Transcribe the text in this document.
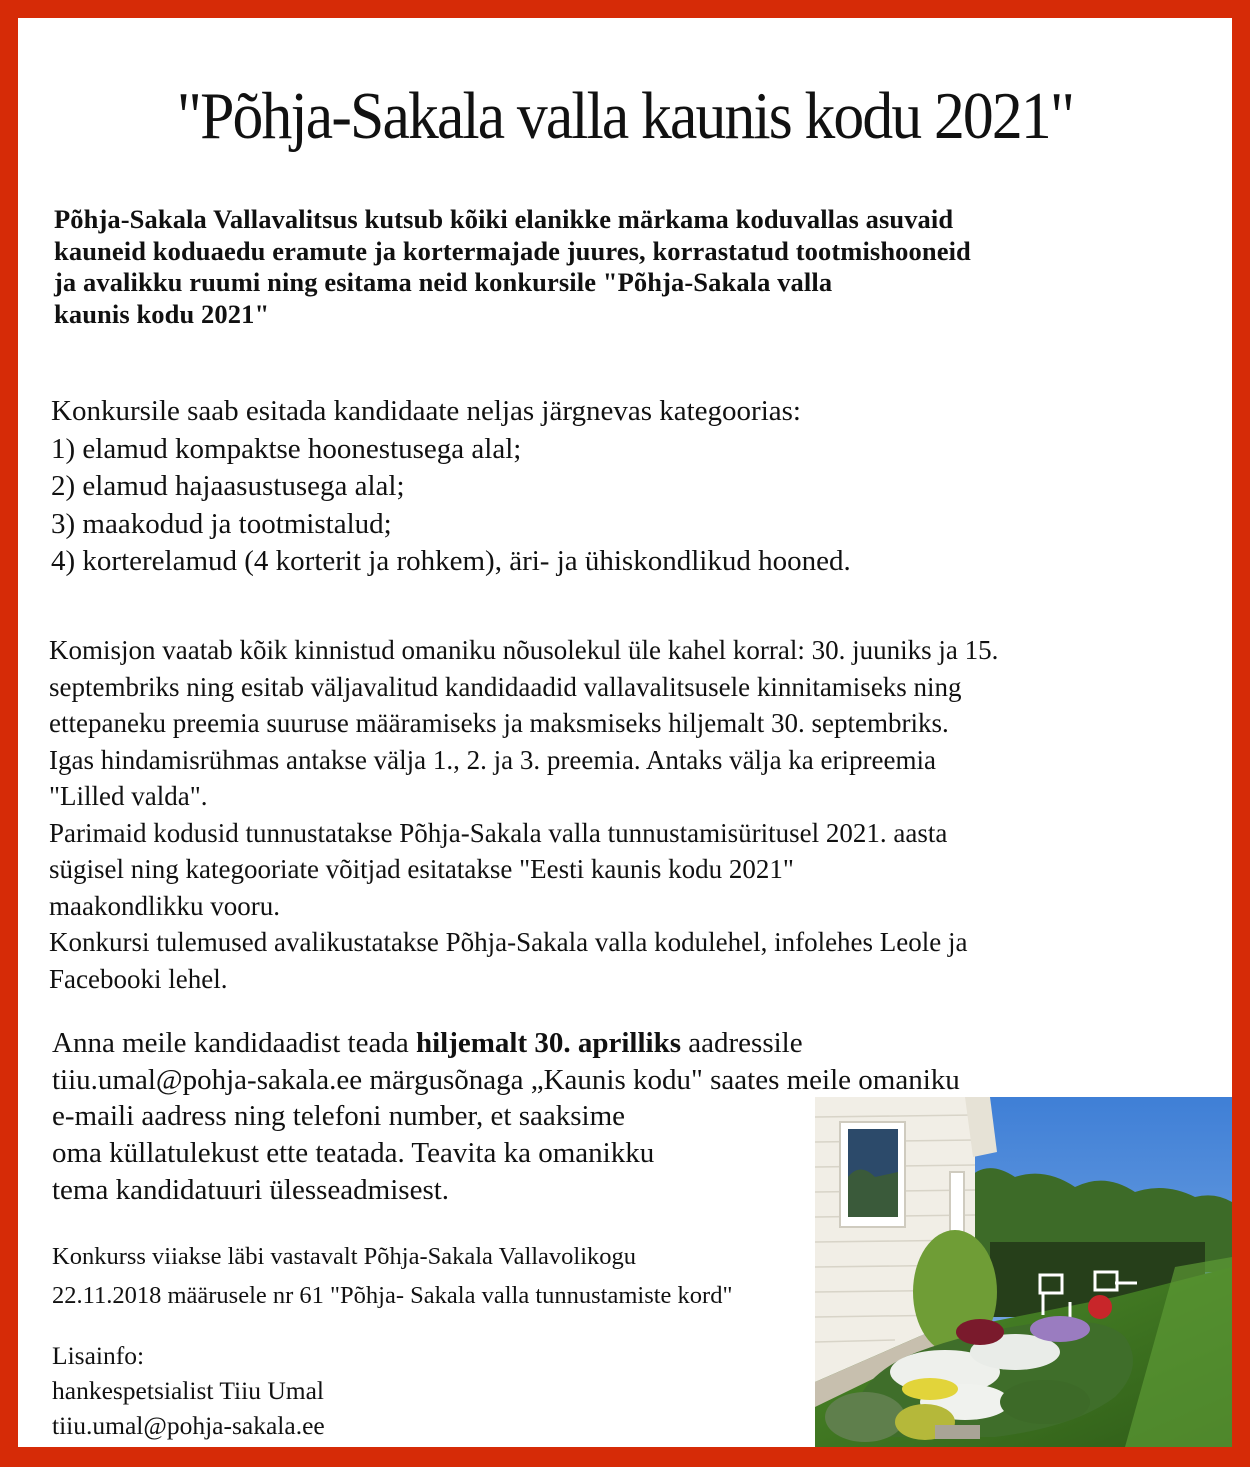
"Põhja-Sakala valla kaunis kodu 2021"
Põhja-Sakala Vallavalitsus kutsub kõiki elanikke märkama koduvallas asuvaid
kauneid koduaedu eramute ja kortermajade juures, korrastatud tootmishooneid
ja avalikku ruumi ning esitama neid konkursile "Põhja-Sakala valla
kaunis kodu 2021"
Konkursile saab esitada kandidaate neljas järgnevas kategoorias:
1) elamud kompaktse hoonestusega alal;
2) elamud hajaasustusega alal;
3) maakodud ja tootmistalud;
4) korterelamud (4 korterit ja rohkem), äri- ja ühiskondlikud hooned.
Komisjon vaatab kõik kinnistud omaniku nõusolekul üle kahel korral: 30. juuniks ja 15.
septembriks ning esitab väljavalitud kandidaadid vallavalitsusele kinnitamiseks ning
ettepaneku preemia suuruse määramiseks ja maksmiseks hiljemalt 30. septembriks.
Igas hindamisrühmas antakse välja 1., 2. ja 3. preemia. Antaks välja ka eripreemia
"Lilled valda".
Parimaid kodusid tunnustatakse Põhja-Sakala valla tunnustamisüritusel 2021. aasta
sügisel ning kategooriate võitjad esitatakse "Eesti kaunis kodu 2021"
maakondlikku vooru.
Konkursi tulemused avalikustatakse Põhja-Sakala valla kodulehel, infolehes Leole ja
Facebooki lehel.
Anna meile kandidaadist teada hiljemalt 30. aprilliks aadressile
tiiu.umal@pohja-sakala.ee märgusõnaga „Kaunis kodu" saates meile omaniku
e-maili aadress ning telefoni number, et saaksime
oma küllatulekust ette teatada. Teavita ka omanikku
tema kandidatuuri ülesseadmisest.
Konkurss viiakse läbi vastavalt Põhja-Sakala Vallavolikogu
22.11.2018 määrusele nr 61 "Põhja- Sakala valla tunnustamiste kord"
Lisainfo:
hankespetsialist Tiiu Umal
tiiu.umal@pohja-sakala.ee
